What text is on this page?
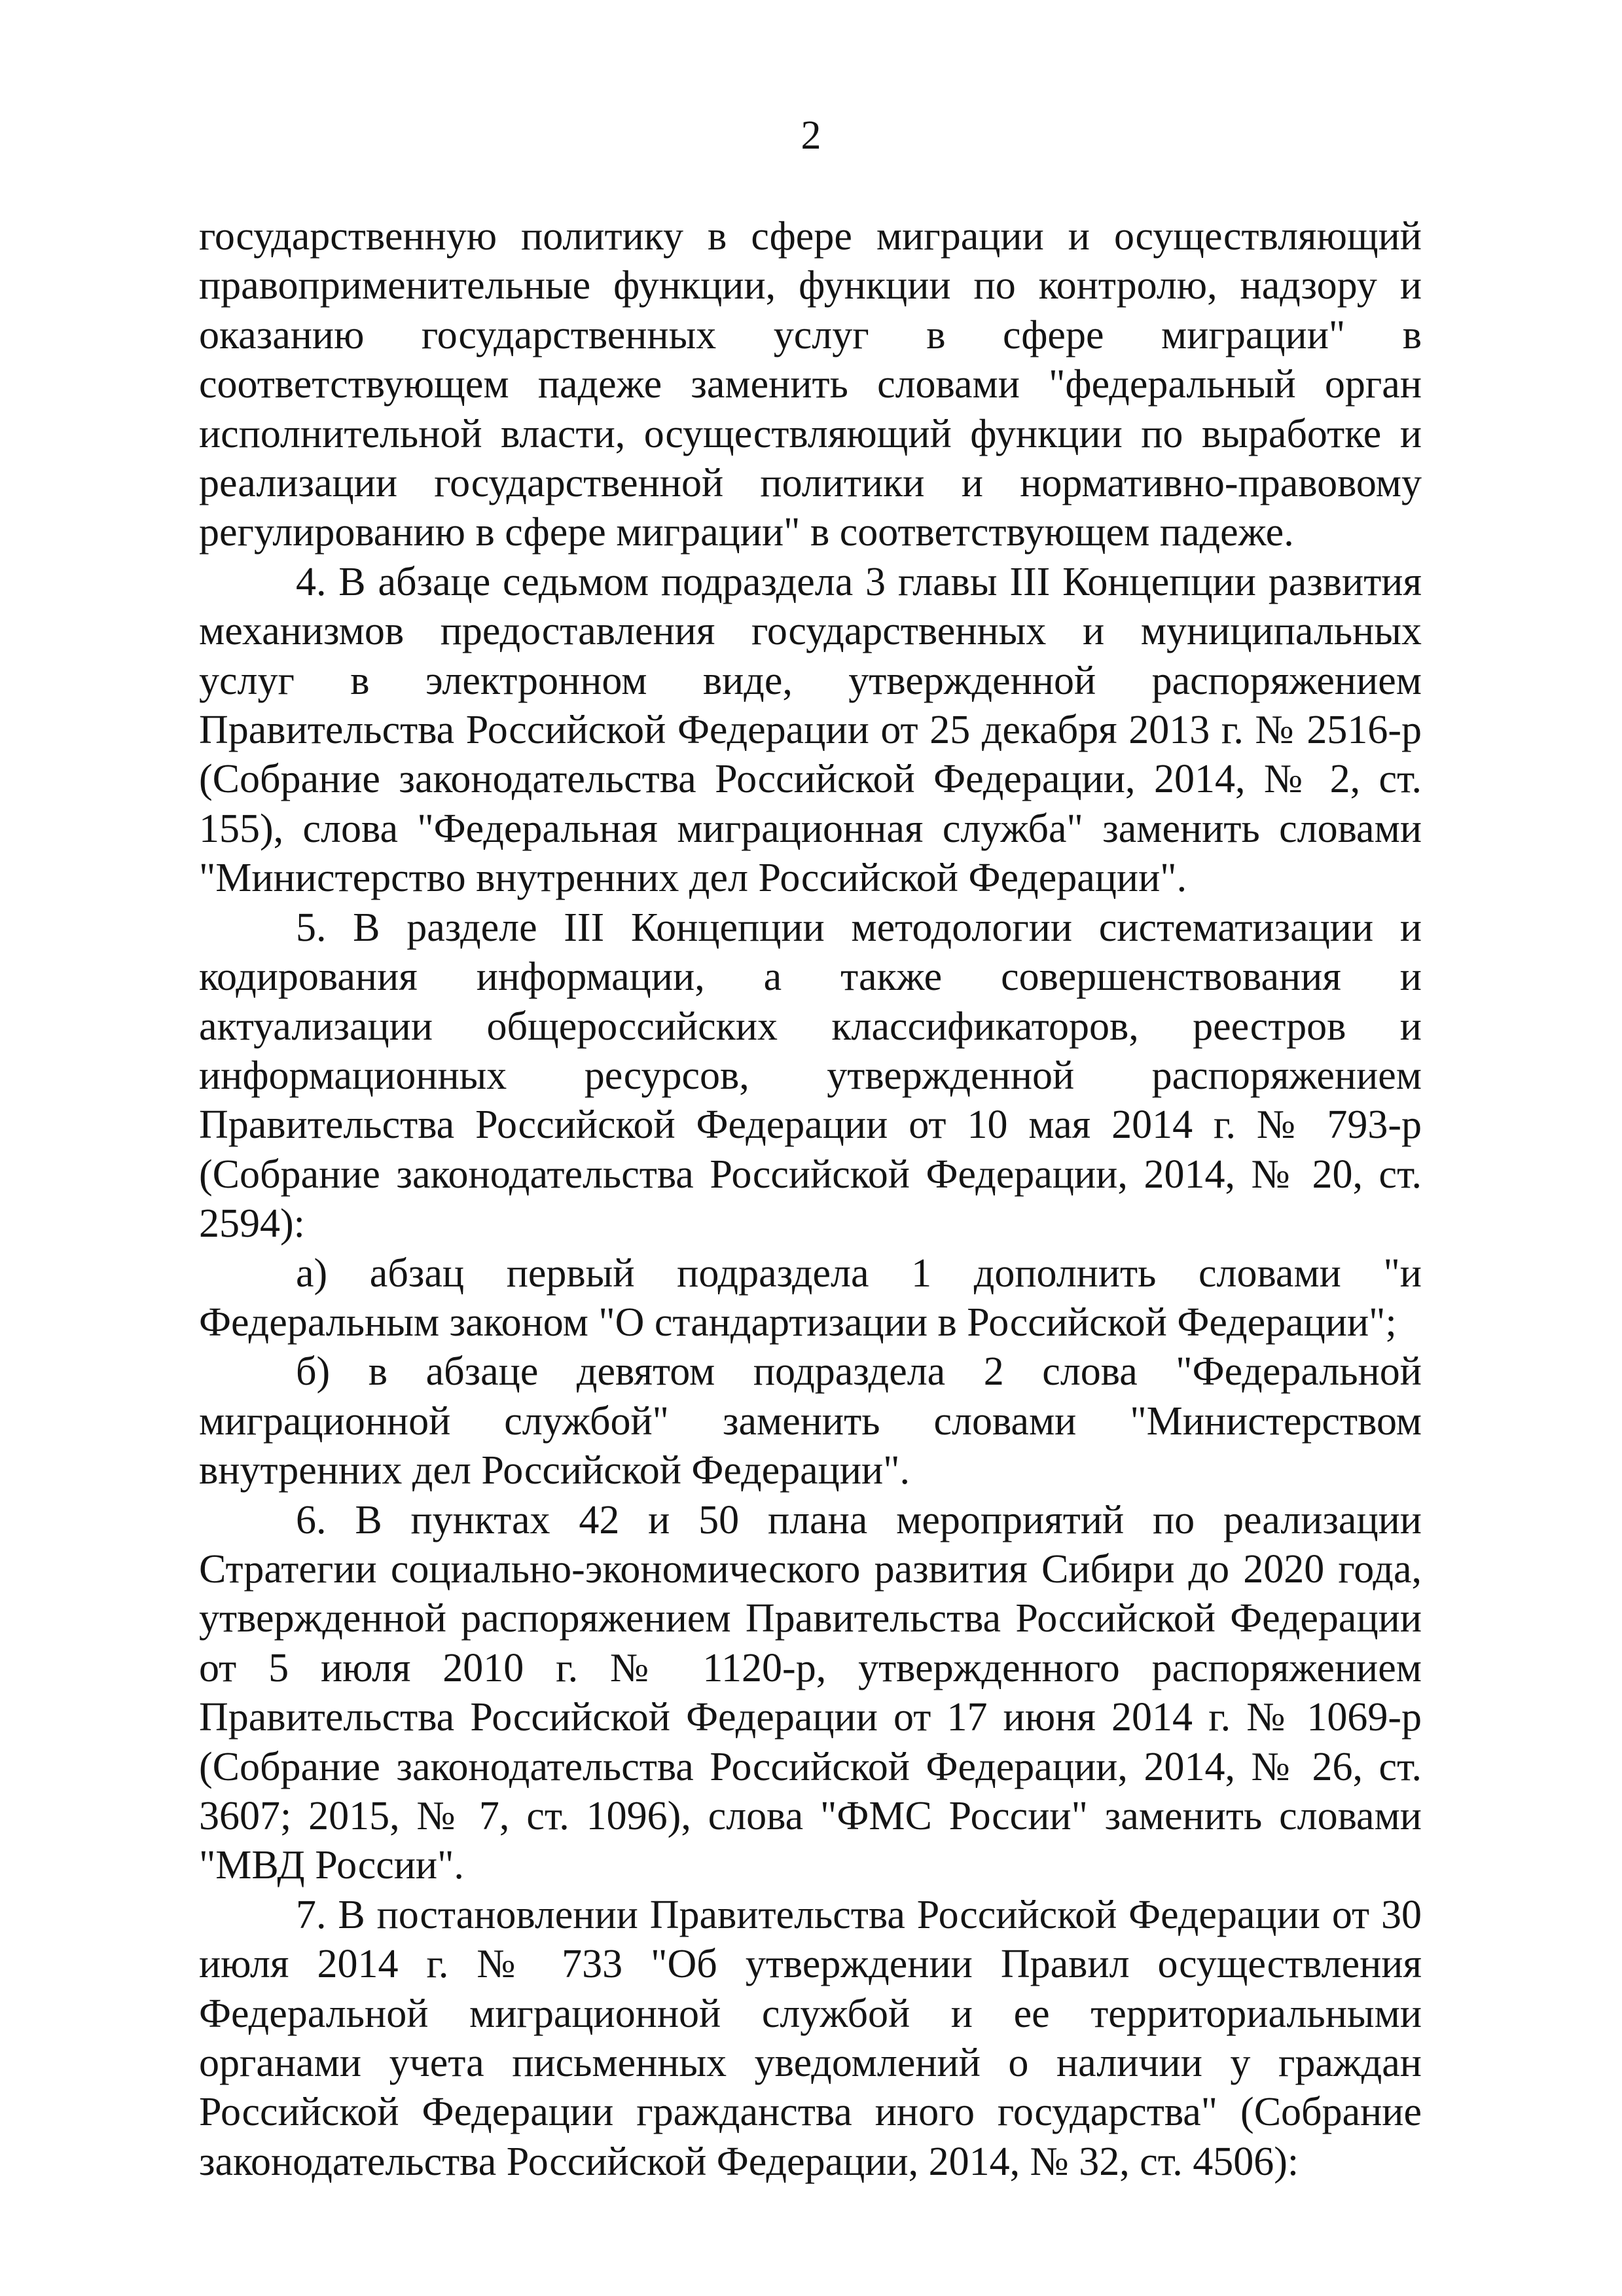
2

государственную политику в сфере миграции и осуществляющий правоприменительные функции, функции по контролю, надзору и оказанию государственных услуг в сфере миграции" в соответствующем падеже заменить словами "федеральный орган исполнительной власти, осуществляющий функции по выработке и реализации государственной политики и нормативно-правовому регулированию в сфере миграции" в соответствующем падеже.

4. В абзаце седьмом подраздела 3 главы III Концепции развития механизмов предоставления государственных и муниципальных услуг в электронном виде, утвержденной распоряжением Правительства Российской Федерации от 25 декабря 2013 г. № 2516-р (Собрание законодательства Российской Федерации, 2014, № 2, ст. 155), слова "Федеральная миграционная служба" заменить словами "Министерство внутренних дел Российской Федерации".

5. В разделе III Концепции методологии систематизации и кодирования информации, а также совершенствования и актуализации общероссийских классификаторов, реестров и информационных ресурсов, утвержденной распоряжением Правительства Российской Федерации от 10 мая 2014 г. № 793-р (Собрание законодательства Российской Федерации, 2014, № 20, ст. 2594):

а) абзац первый подраздела 1 дополнить словами "и Федеральным законом "О стандартизации в Российской Федерации";

б) в абзаце девятом подраздела 2 слова "Федеральной миграционной службой" заменить словами "Министерством внутренних дел Российской Федерации".

6. В пунктах 42 и 50 плана мероприятий по реализации Стратегии социально-экономического развития Сибири до 2020 года, утвержденной распоряжением Правительства Российской Федерации от 5 июля 2010 г. № 1120-р, утвержденного распоряжением Правительства Российской Федерации от 17 июня 2014 г. № 1069-р (Собрание законодательства Российской Федерации, 2014, № 26, ст. 3607; 2015, № 7, ст. 1096), слова "ФМС России" заменить словами "МВД России".

7. В постановлении Правительства Российской Федерации от 30 июля 2014 г. № 733 "Об утверждении Правил осуществления Федеральной миграционной службой и ее территориальными органами учета письменных уведомлений о наличии у граждан Российской Федерации гражданства иного государства" (Собрание законодательства Российской Федерации, 2014, № 32, ст. 4506):
